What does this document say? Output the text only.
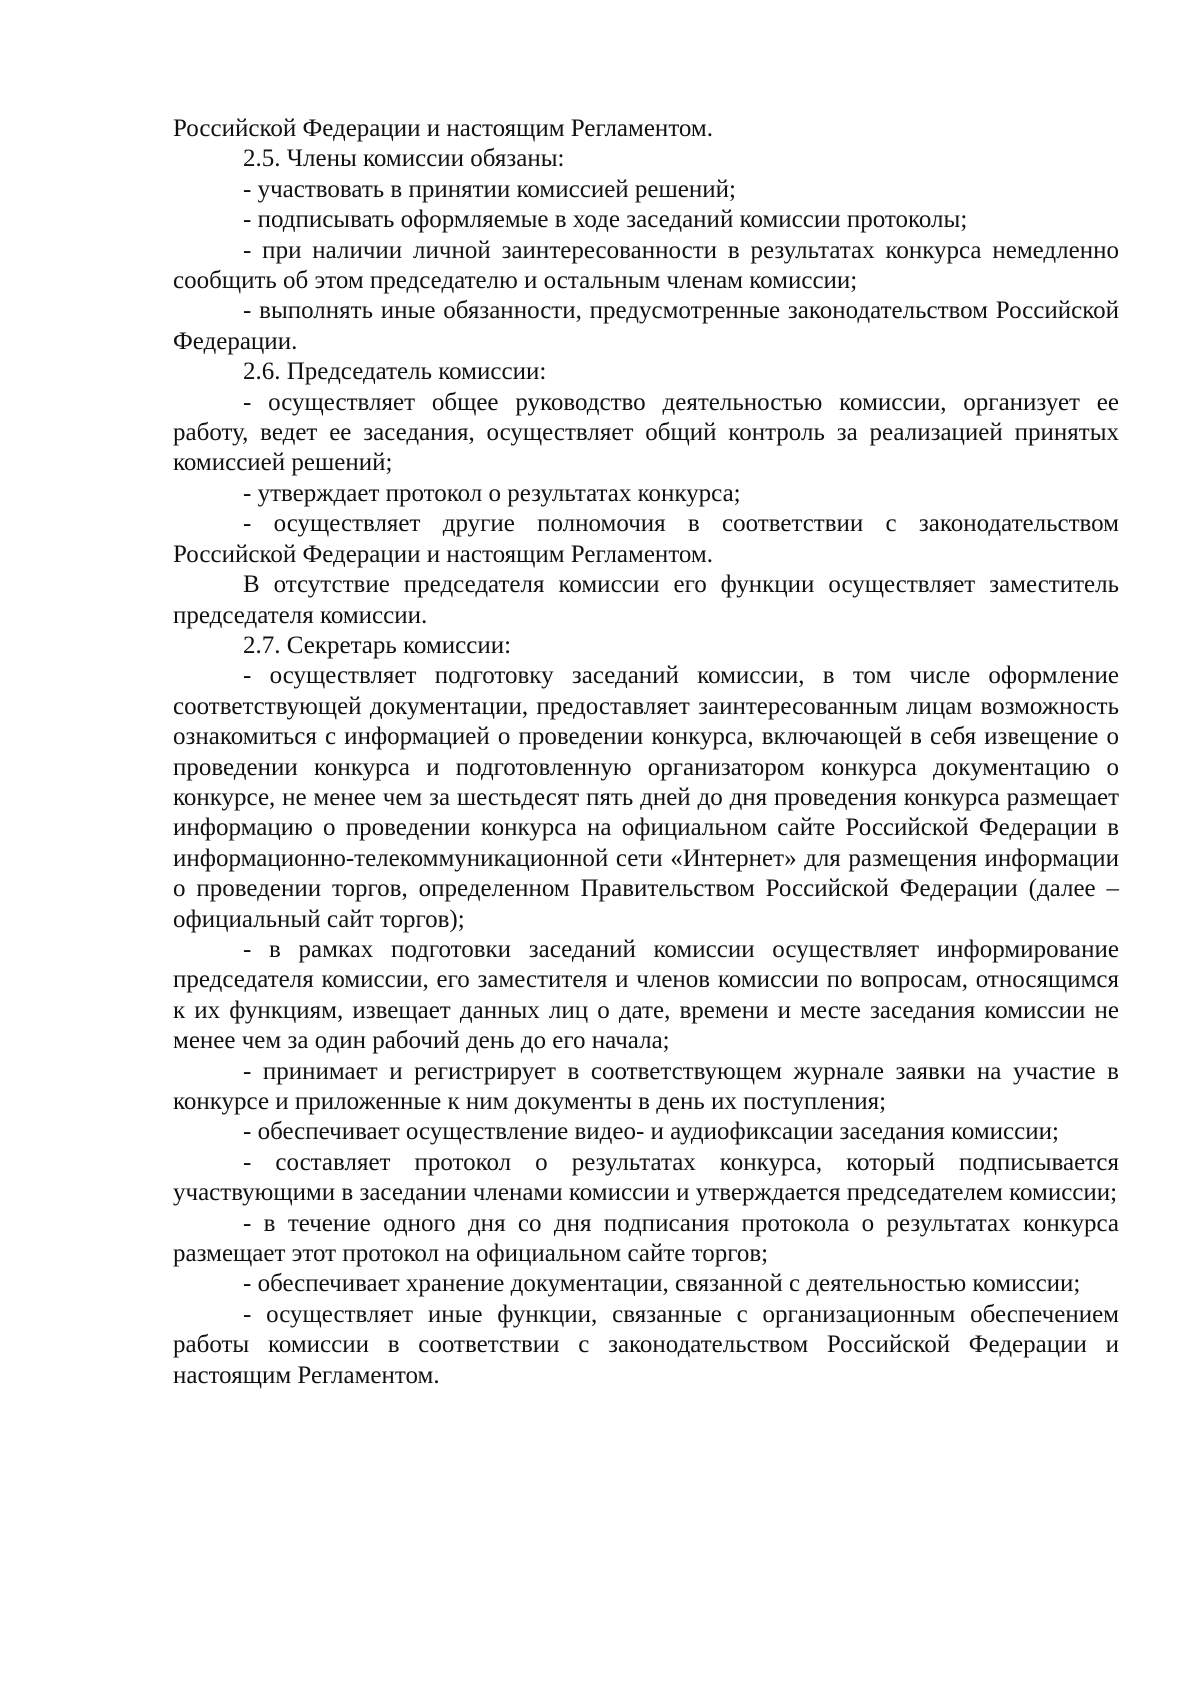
Российской Федерации и настоящим Регламентом.

2.5. Члены комиссии обязаны:

- участвовать в принятии комиссией решений;

- подписывать оформляемые в ходе заседаний комиссии протоколы;

- при наличии личной заинтересованности в результатах конкурса немедленно сообщить об этом председателю и остальным членам комиссии;

- выполнять иные обязанности, предусмотренные законодательством Российской Федерации.

2.6. Председатель комиссии:

- осуществляет общее руководство деятельностью комиссии, организует ее работу, ведет ее заседания, осуществляет общий контроль за реализацией принятых комиссией решений;

- утверждает протокол о результатах конкурса;

- осуществляет другие полномочия в соответствии с законодательством Российской Федерации и настоящим Регламентом.

В отсутствие председателя комиссии его функции осуществляет заместитель председателя комиссии.

2.7. Секретарь комиссии:

- осуществляет подготовку заседаний комиссии, в том числе оформление соответствующей документации, предоставляет заинтересованным лицам возможность ознакомиться с информацией о проведении конкурса, включающей в себя извещение о проведении конкурса и подготовленную организатором конкурса документацию о конкурсе, не менее чем за шестьдесят пять дней до дня проведения конкурса размещает информацию о проведении конкурса на официальном сайте Российской Федерации в информационно-телекоммуникационной сети «Интернет» для размещения информации о проведении торгов, определенном Правительством Российской Федерации (далее – официальный сайт торгов);

- в рамках подготовки заседаний комиссии осуществляет информирование председателя комиссии, его заместителя и членов комиссии по вопросам, относящимся к их функциям, извещает данных лиц о дате, времени и месте заседания комиссии не менее чем за один рабочий день до его начала;

- принимает и регистрирует в соответствующем журнале заявки на участие в конкурсе и приложенные к ним документы в день их поступления;

- обеспечивает осуществление видео- и аудиофиксации заседания комиссии;

- составляет протокол о результатах конкурса, который подписывается участвующими в заседании членами комиссии и утверждается председателем комиссии;

- в течение одного дня со дня подписания протокола о результатах конкурса размещает этот протокол на официальном сайте торгов;

- обеспечивает хранение документации, связанной с деятельностью комиссии;

- осуществляет иные функции, связанные с организационным обеспечением работы комиссии в соответствии с законодательством Российской Федерации и настоящим Регламентом.
